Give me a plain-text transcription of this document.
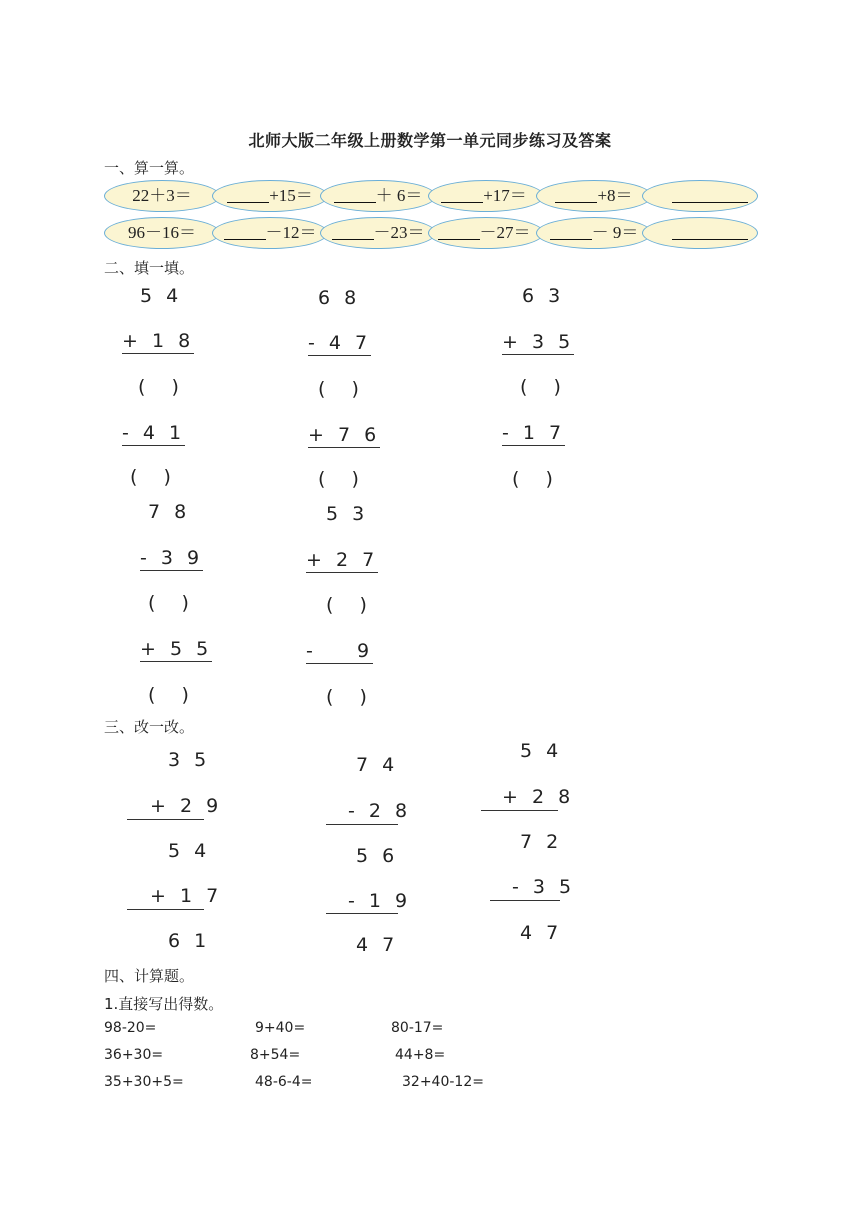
北师大版二年级上册数学第一单元同步练习及答案
一、算一算。
22＋3＝	+15＝	＋ 6＝	+17＝	+8＝
96－16＝	－12＝	－23＝	－27＝	－ 9＝
二、填一填。
5 4
+ 1 8
( )
- 4 1
( )
6 8
- 4 7
( )
+ 7 6
( )
6 3
+ 3 5
( )
- 1 7
( )
7 8
- 3 9
( )
+ 5 5
( )
5 3
+ 2 7
( )
-    9
( )
三、改一改。
3 5
+ 2 9
5 4
+ 1 7
6 1
7 4
- 2 8
5 6
- 1 9
4 7
5 4
+ 2 8
7 2
- 3 5
4 7
四、计算题。
1.直接写出得数。
98-20=	9+40=	80-17=
36+30=	8+54=	44+8=
35+30+5=	48-6-4=	32+40-12=
